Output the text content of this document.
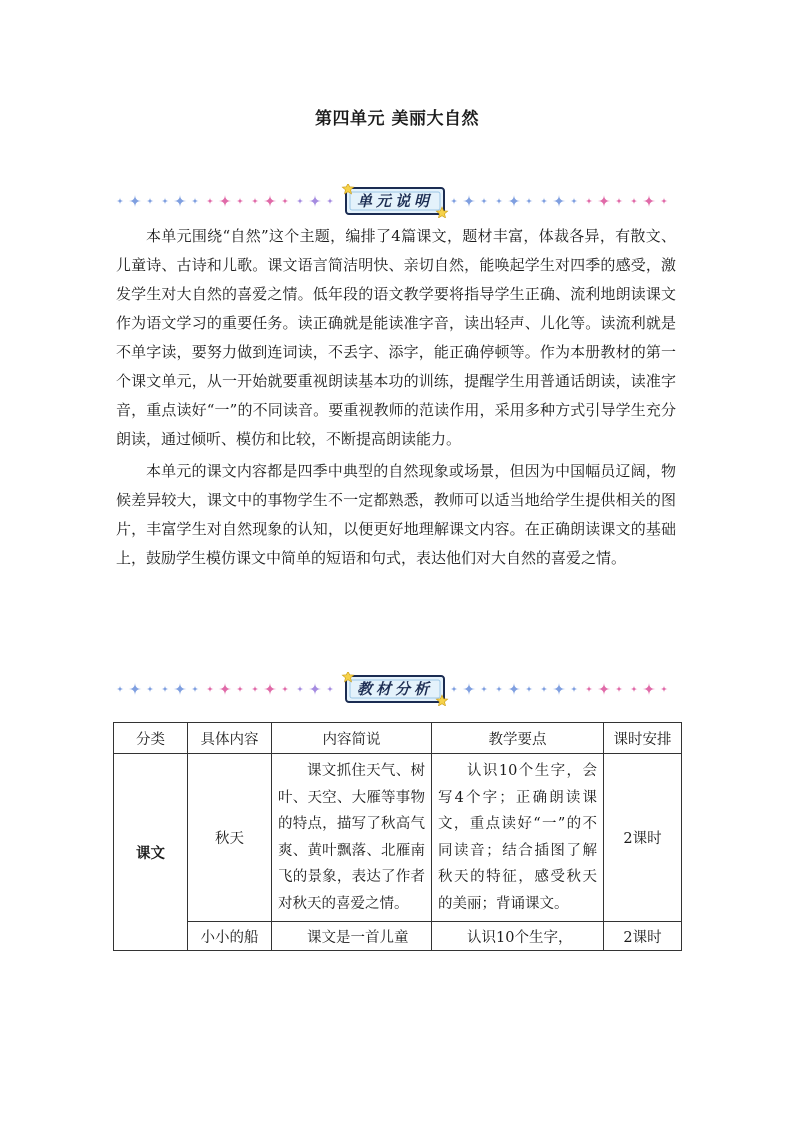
第四单元 美丽大自然
单元说明

本单元围绕“自然”这个主题，编排了4篇课文，题材丰富，体裁各异，有散文、儿童诗、古诗和儿歌。课文语言简洁明快、亲切自然，能唤起学生对四季的感受，激发学生对大自然的喜爱之情。低年段的语文教学要将指导学生正确、流利地朗读课文作为语文学习的重要任务。读正确就是能读准字音，读出轻声、儿化等。读流利就是不单字读，要努力做到连词读，不丢字、添字，能正确停顿等。作为本册教材的第一个课文单元，从一开始就要重视朗读基本功的训练，提醒学生用普通话朗读，读准字音，重点读好“一”的不同读音。要重视教师的范读作用，采用多种方式引导学生充分朗读，通过倾听、模仿和比较，不断提高朗读能力。

本单元的课文内容都是四季中典型的自然现象或场景，但因为中国幅员辽阔，物候差异较大，课文中的事物学生不一定都熟悉，教师可以适当地给学生提供相关的图片，丰富学生对自然现象的认知，以便更好地理解课文内容。在正确朗读课文的基础上，鼓励学生模仿课文中简单的短语和句式，表达他们对大自然的喜爱之情。

教材分析
分类	具体内容	内容简说	教学要点	课时安排
课文	秋天	课文抓住天气、树叶、天空、大雁等事物的特点，描写了秋高气爽、黄叶飘落、北雁南飞的景象，表达了作者对秋天的喜爱之情。	认识10个生字，会写4个字；正确朗读课文，重点读好“一”的不同读音；结合插图了解秋天的特征，感受秋天的美丽；背诵课文。	2课时
	小小的船	课文是一首儿童	认识10个生字，	2课时
